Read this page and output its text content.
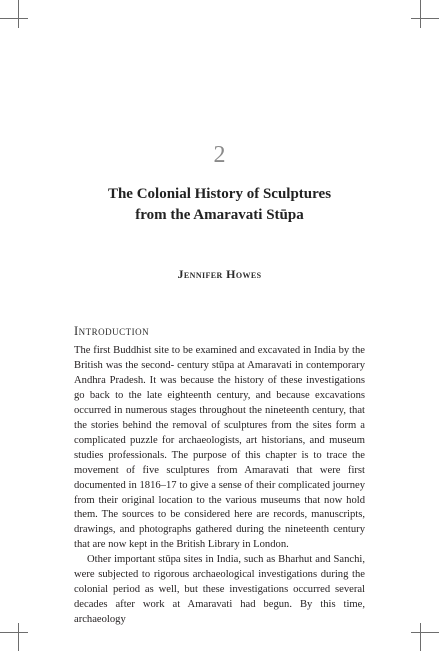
2
The Colonial History of Sculptures
from the Amaravati Stūpa
Jennifer Howes
Introduction

The first Buddhist site to be examined and excavated in India by the British was the second- century stūpa at Amaravati in contemporary Andhra Pradesh. It was because the history of these investigations go back to the late eighteenth century, and because excavations occurred in numerous stages throughout the nineteenth century, that the stories behind the removal of sculptures from the sites form a complicated puzzle for archaeologists, art historians, and museum studies professionals. The purpose of this chapter is to trace the movement of five sculptures from Amaravati that were first documented in 1816–17 to give a sense of their complicated journey from their original location to the various museums that now hold them. The sources to be considered here are records, manuscripts, drawings, and photographs gathered during the nineteenth century that are now kept in the British Library in London.

Other important stūpa sites in India, such as Bharhut and Sanchi, were subjected to rigorous archaeological investigations during the colonial period as well, but these investigations occurred several decades after work at Amaravati had begun. By this time, archaeology
